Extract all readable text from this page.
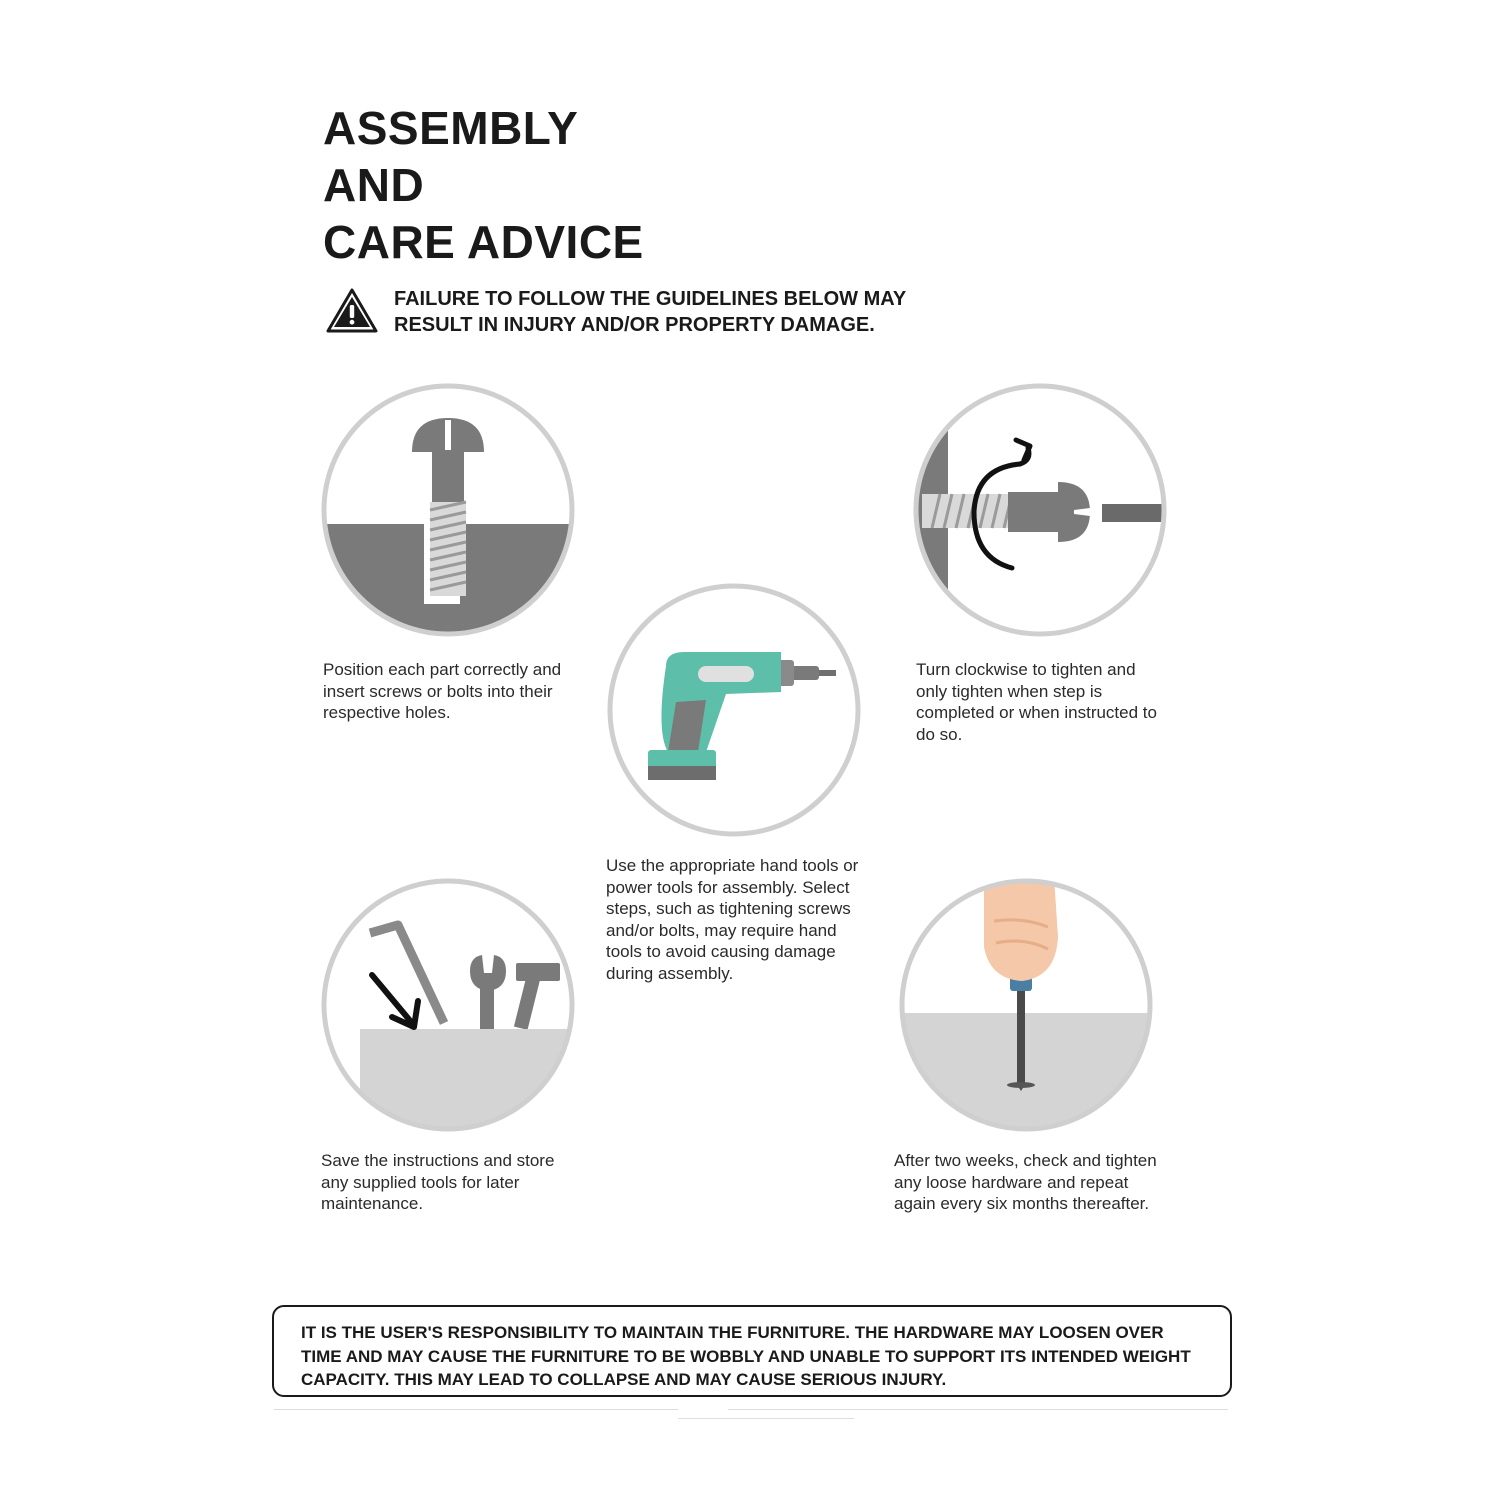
ASSEMBLY
AND
CARE ADVICE
FAILURE TO FOLLOW THE GUIDELINES BELOW MAY
RESULT IN INJURY AND/OR PROPERTY DAMAGE.
Position each part correctly and insert screws or bolts into their respective holes.
Use the appropriate hand tools or power tools for assembly. Select steps, such as tightening screws and/or bolts, may require hand tools to avoid causing damage during assembly.
Turn clockwise to tighten and only tighten when step is completed or when instructed to do so.
Save the instructions and store any supplied tools for later maintenance.
After two weeks, check and tighten any loose hardware and repeat again every six months thereafter.
IT IS THE USER'S RESPONSIBILITY TO MAINTAIN THE FURNITURE. THE HARDWARE MAY LOOSEN OVER TIME AND MAY CAUSE THE FURNITURE TO BE WOBBLY AND UNABLE TO SUPPORT ITS INTENDED WEIGHT CAPACITY. THIS MAY LEAD TO COLLAPSE AND MAY CAUSE SERIOUS INJURY.
